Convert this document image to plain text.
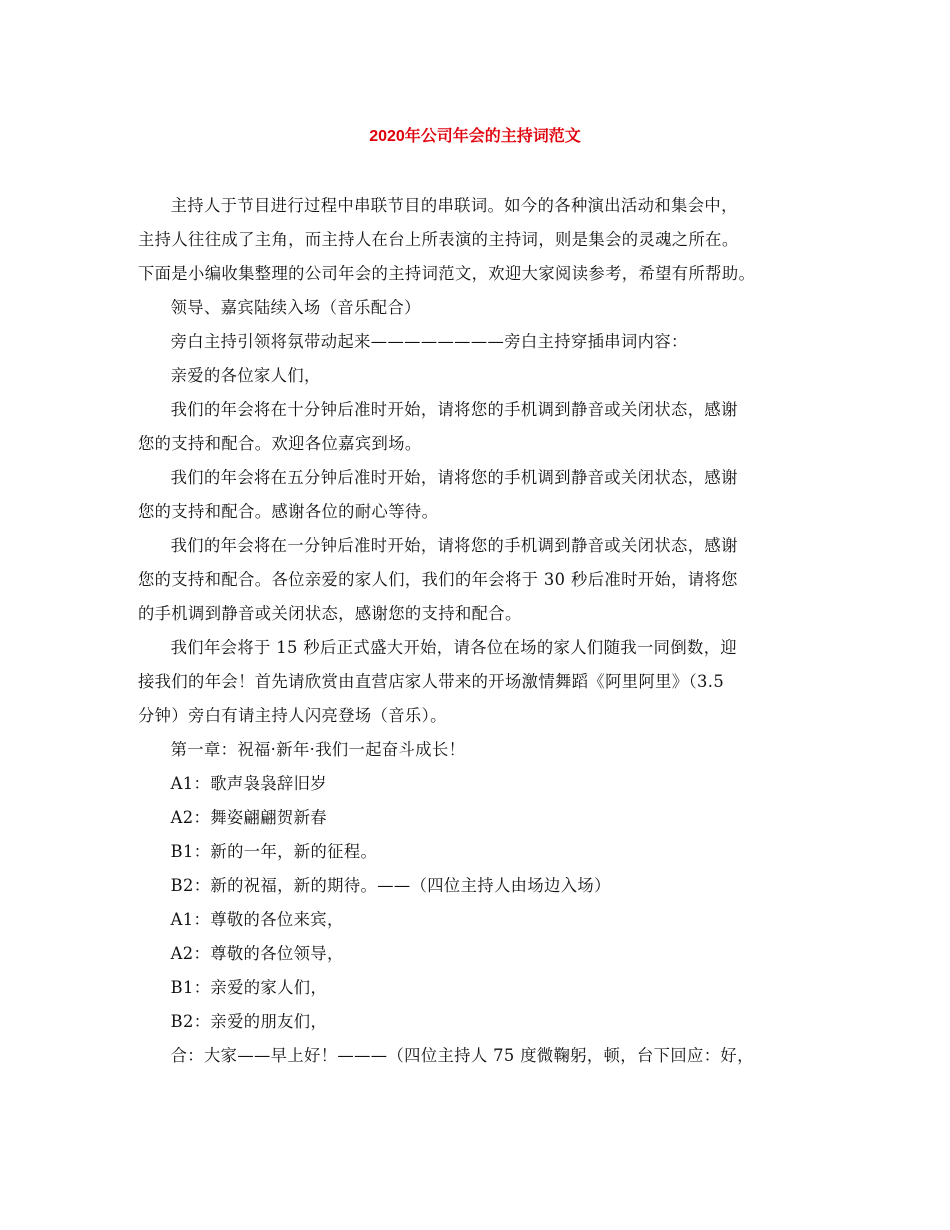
2020年公司年会的主持词范文

主持人于节目进行过程中串联节目的串联词。如今的各种演出活动和集会中，

主持人往往成了主角，而主持人在台上所表演的主持词，则是集会的灵魂之所在。

下面是小编收集整理的公司年会的主持词范文，欢迎大家阅读参考，希望有所帮助。

领导、嘉宾陆续入场（音乐配合）

旁白主持引领将氛带动起来————————旁白主持穿插串词内容：

亲爱的各位家人们，

我们的年会将在十分钟后准时开始，请将您的手机调到静音或关闭状态，感谢

您的支持和配合。欢迎各位嘉宾到场。

我们的年会将在五分钟后准时开始，请将您的手机调到静音或关闭状态，感谢

您的支持和配合。感谢各位的耐心等待。

我们的年会将在一分钟后准时开始，请将您的手机调到静音或关闭状态，感谢

您的支持和配合。各位亲爱的家人们，我们的年会将于 30 秒后准时开始，请将您

的手机调到静音或关闭状态，感谢您的支持和配合。

我们年会将于 15 秒后正式盛大开始，请各位在场的家人们随我一同倒数，迎

接我们的年会！首先请欣赏由直营店家人带来的开场激情舞蹈《阿里阿里》（3.5

分钟）旁白有请主持人闪亮登场（音乐）。

第一章：祝福·新年·我们一起奋斗成长！

A1：歌声袅袅辞旧岁

A2：舞姿翩翩贺新春

B1：新的一年，新的征程。

B2：新的祝福，新的期待。——（四位主持人由场边入场）

A1：尊敬的各位来宾，

A2：尊敬的各位领导，

B1：亲爱的家人们，

B2：亲爱的朋友们，

合：大家——早上好！———（四位主持人 75 度微鞠躬，顿，台下回应：好，
